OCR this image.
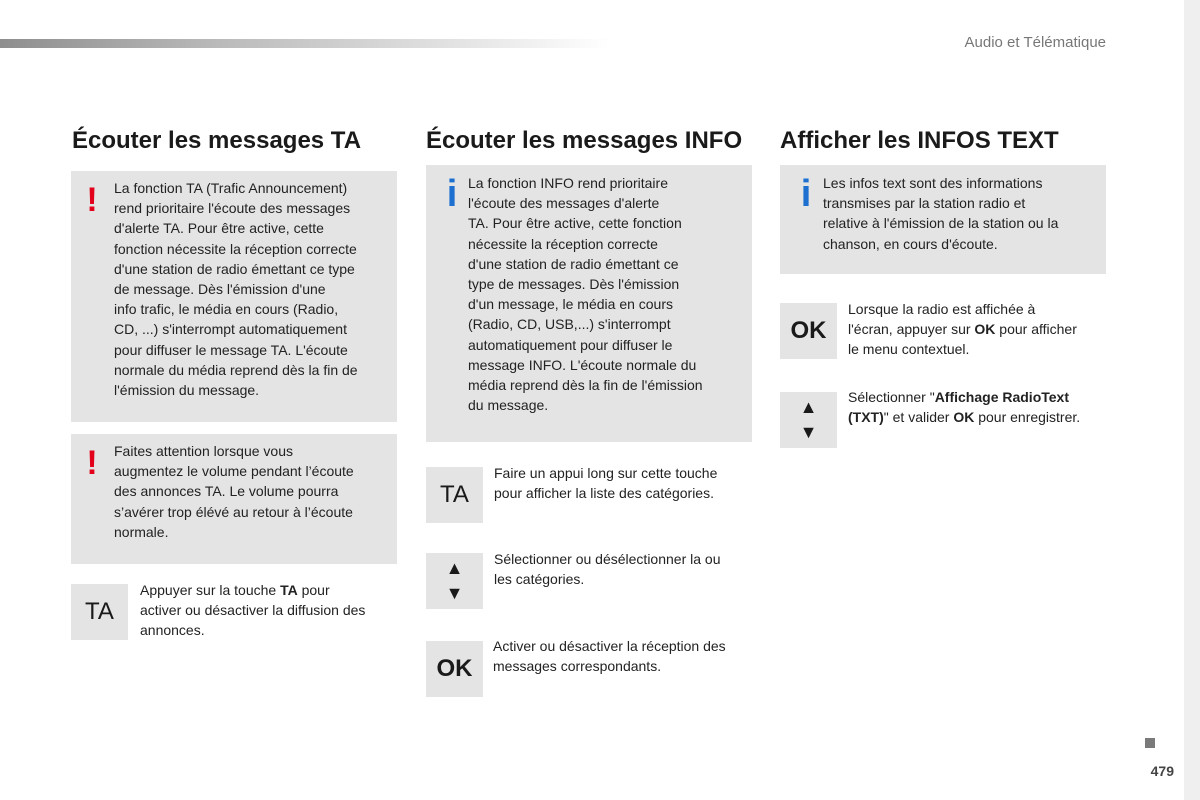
Audio et Télématique
Écouter les messages TA	Écouter les messages INFO Afficher les INFOS TEXT
!	La fonction TA (Trafic Announcement)
rend prioritaire l'écoute des messages
d'alerte TA. Pour être active, cette
fonction nécessite la réception correcte
d'une station de radio émettant ce type
de message. Dès l'émission d'une
info trafic, le média en cours (Radio,
CD, ...) s'interrompt automatiquement
pour diffuser le message TA. L'écoute
normale du média reprend dès la fin de
l'émission du message.
!	Faites attention lorsque vous
augmentez le volume pendant l’écoute
des annonces TA. Le volume pourra
s’avérer trop élévé au retour à l’écoute
normale.
TA
Appuyer sur la touche TA pour
activer ou désactiver la diffusion des
annonces.
i La fonction INFO rend prioritaire
l'écoute des messages d'alerte
TA. Pour être active, cette fonction
nécessite la réception correcte
d'une station de radio émettant ce
type de messages. Dès l'émission
d'un message, le média en cours
(Radio, CD, USB,...) s'interrompt
automatiquement pour diffuser le
message INFO. L'écoute normale du
média reprend dès la fin de l'émission
du message.
TA
Faire un appui long sur cette touche
pour afficher la liste des catégories.
▲
▼
Sélectionner ou désélectionner la ou
les catégories.
OK
Activer ou désactiver la réception des
messages correspondants.
i Les infos text sont des informations
transmises par la station radio et
relative à l'émission de la station ou la
chanson, en cours d'écoute.
OK
Lorsque la radio est affichée à
l'écran, appuyer sur OK pour afficher
le menu contextuel.
▲
▼
Sélectionner "Affichage RadioText
(TXT)" et valider OK pour enregistrer.
479
